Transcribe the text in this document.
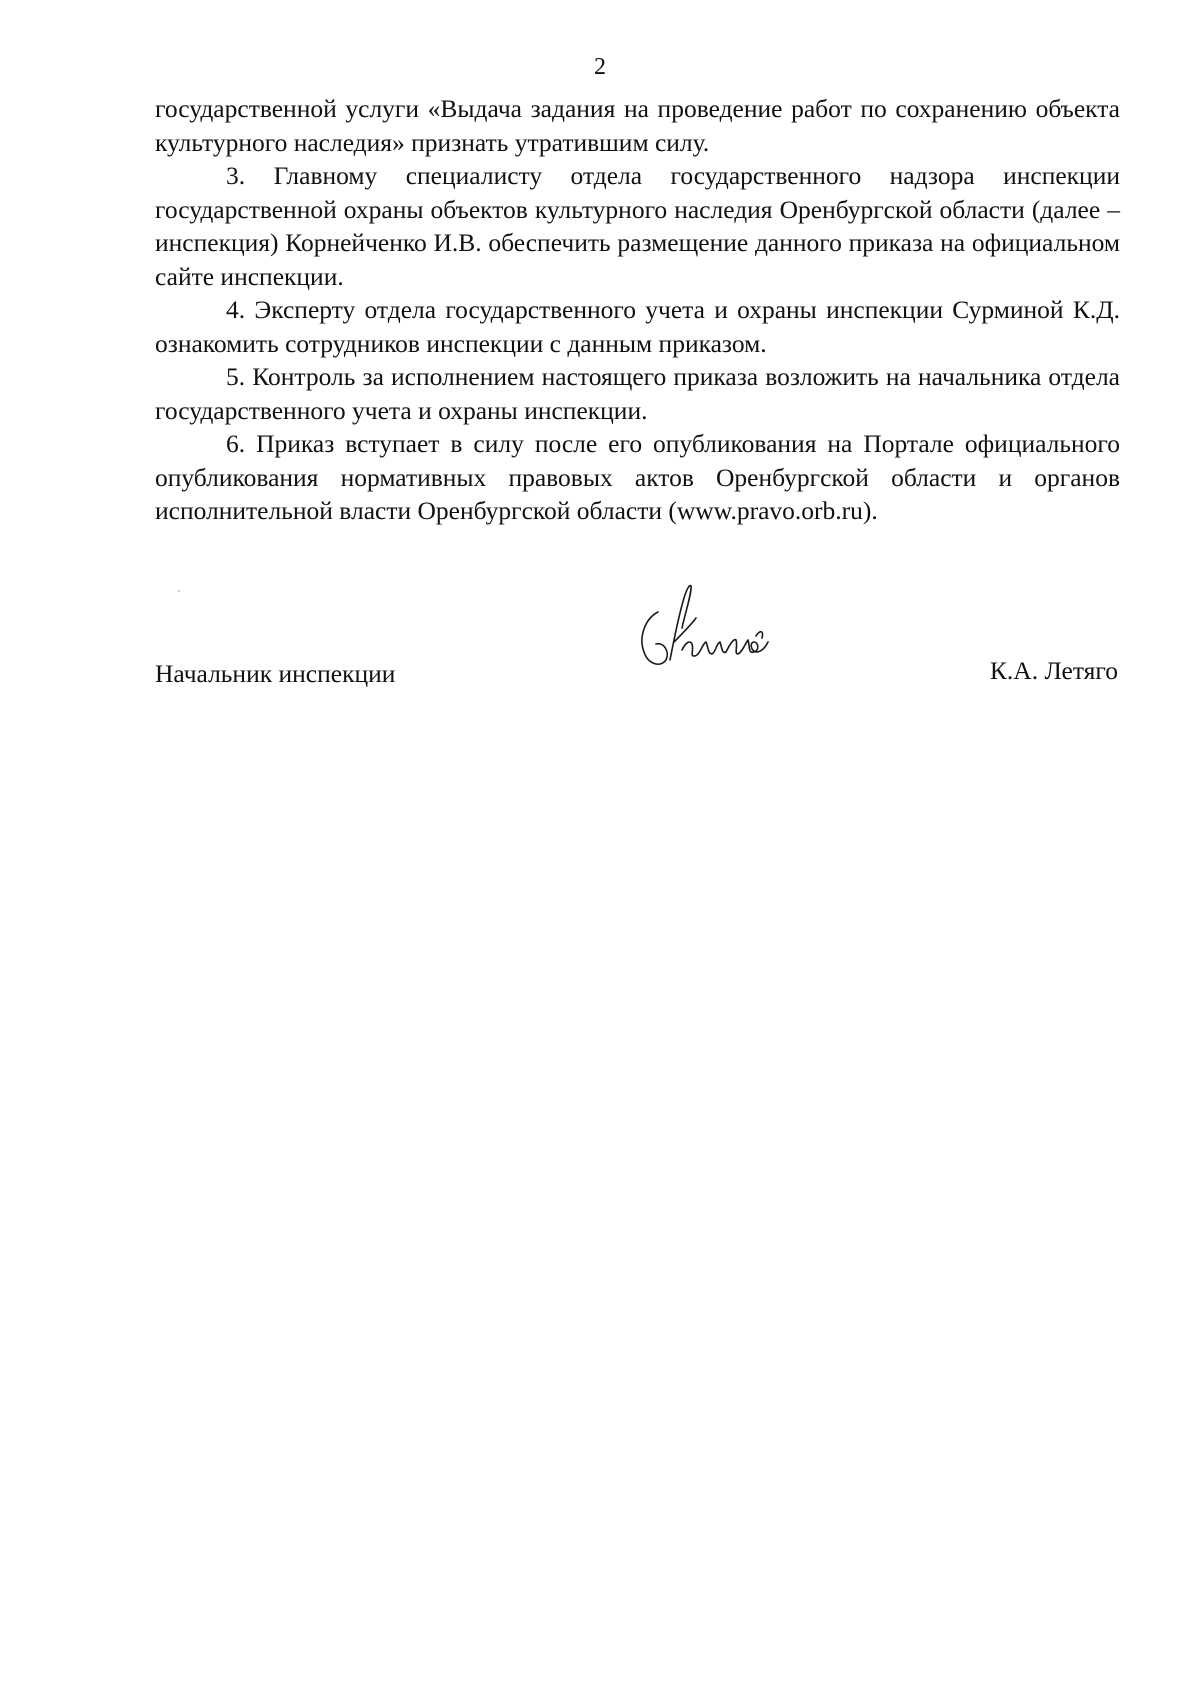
2

государственной услуги «Выдача задания на проведение работ по сохранению объекта культурного наследия» признать утратившим силу.

3. Главному специалисту отдела государственного надзора инспекции государственной охраны объектов культурного наследия Оренбургской области (далее – инспекция) Корнейченко И.В. обеспечить размещение данного приказа на официальном сайте инспекции.

4. Эксперту отдела государственного учета и охраны инспекции Сурминой К.Д. ознакомить сотрудников инспекции с данным приказом.

5. Контроль за исполнением настоящего приказа возложить на начальника отдела государственного учета и охраны инспекции.

6. Приказ вступает в силу после его опубликования на Портале официального опубликования нормативных правовых актов Оренбургской области и органов исполнительной власти Оренбургской области (www.pravo.orb.ru).

Начальник инспекции	К.А. Летяго
